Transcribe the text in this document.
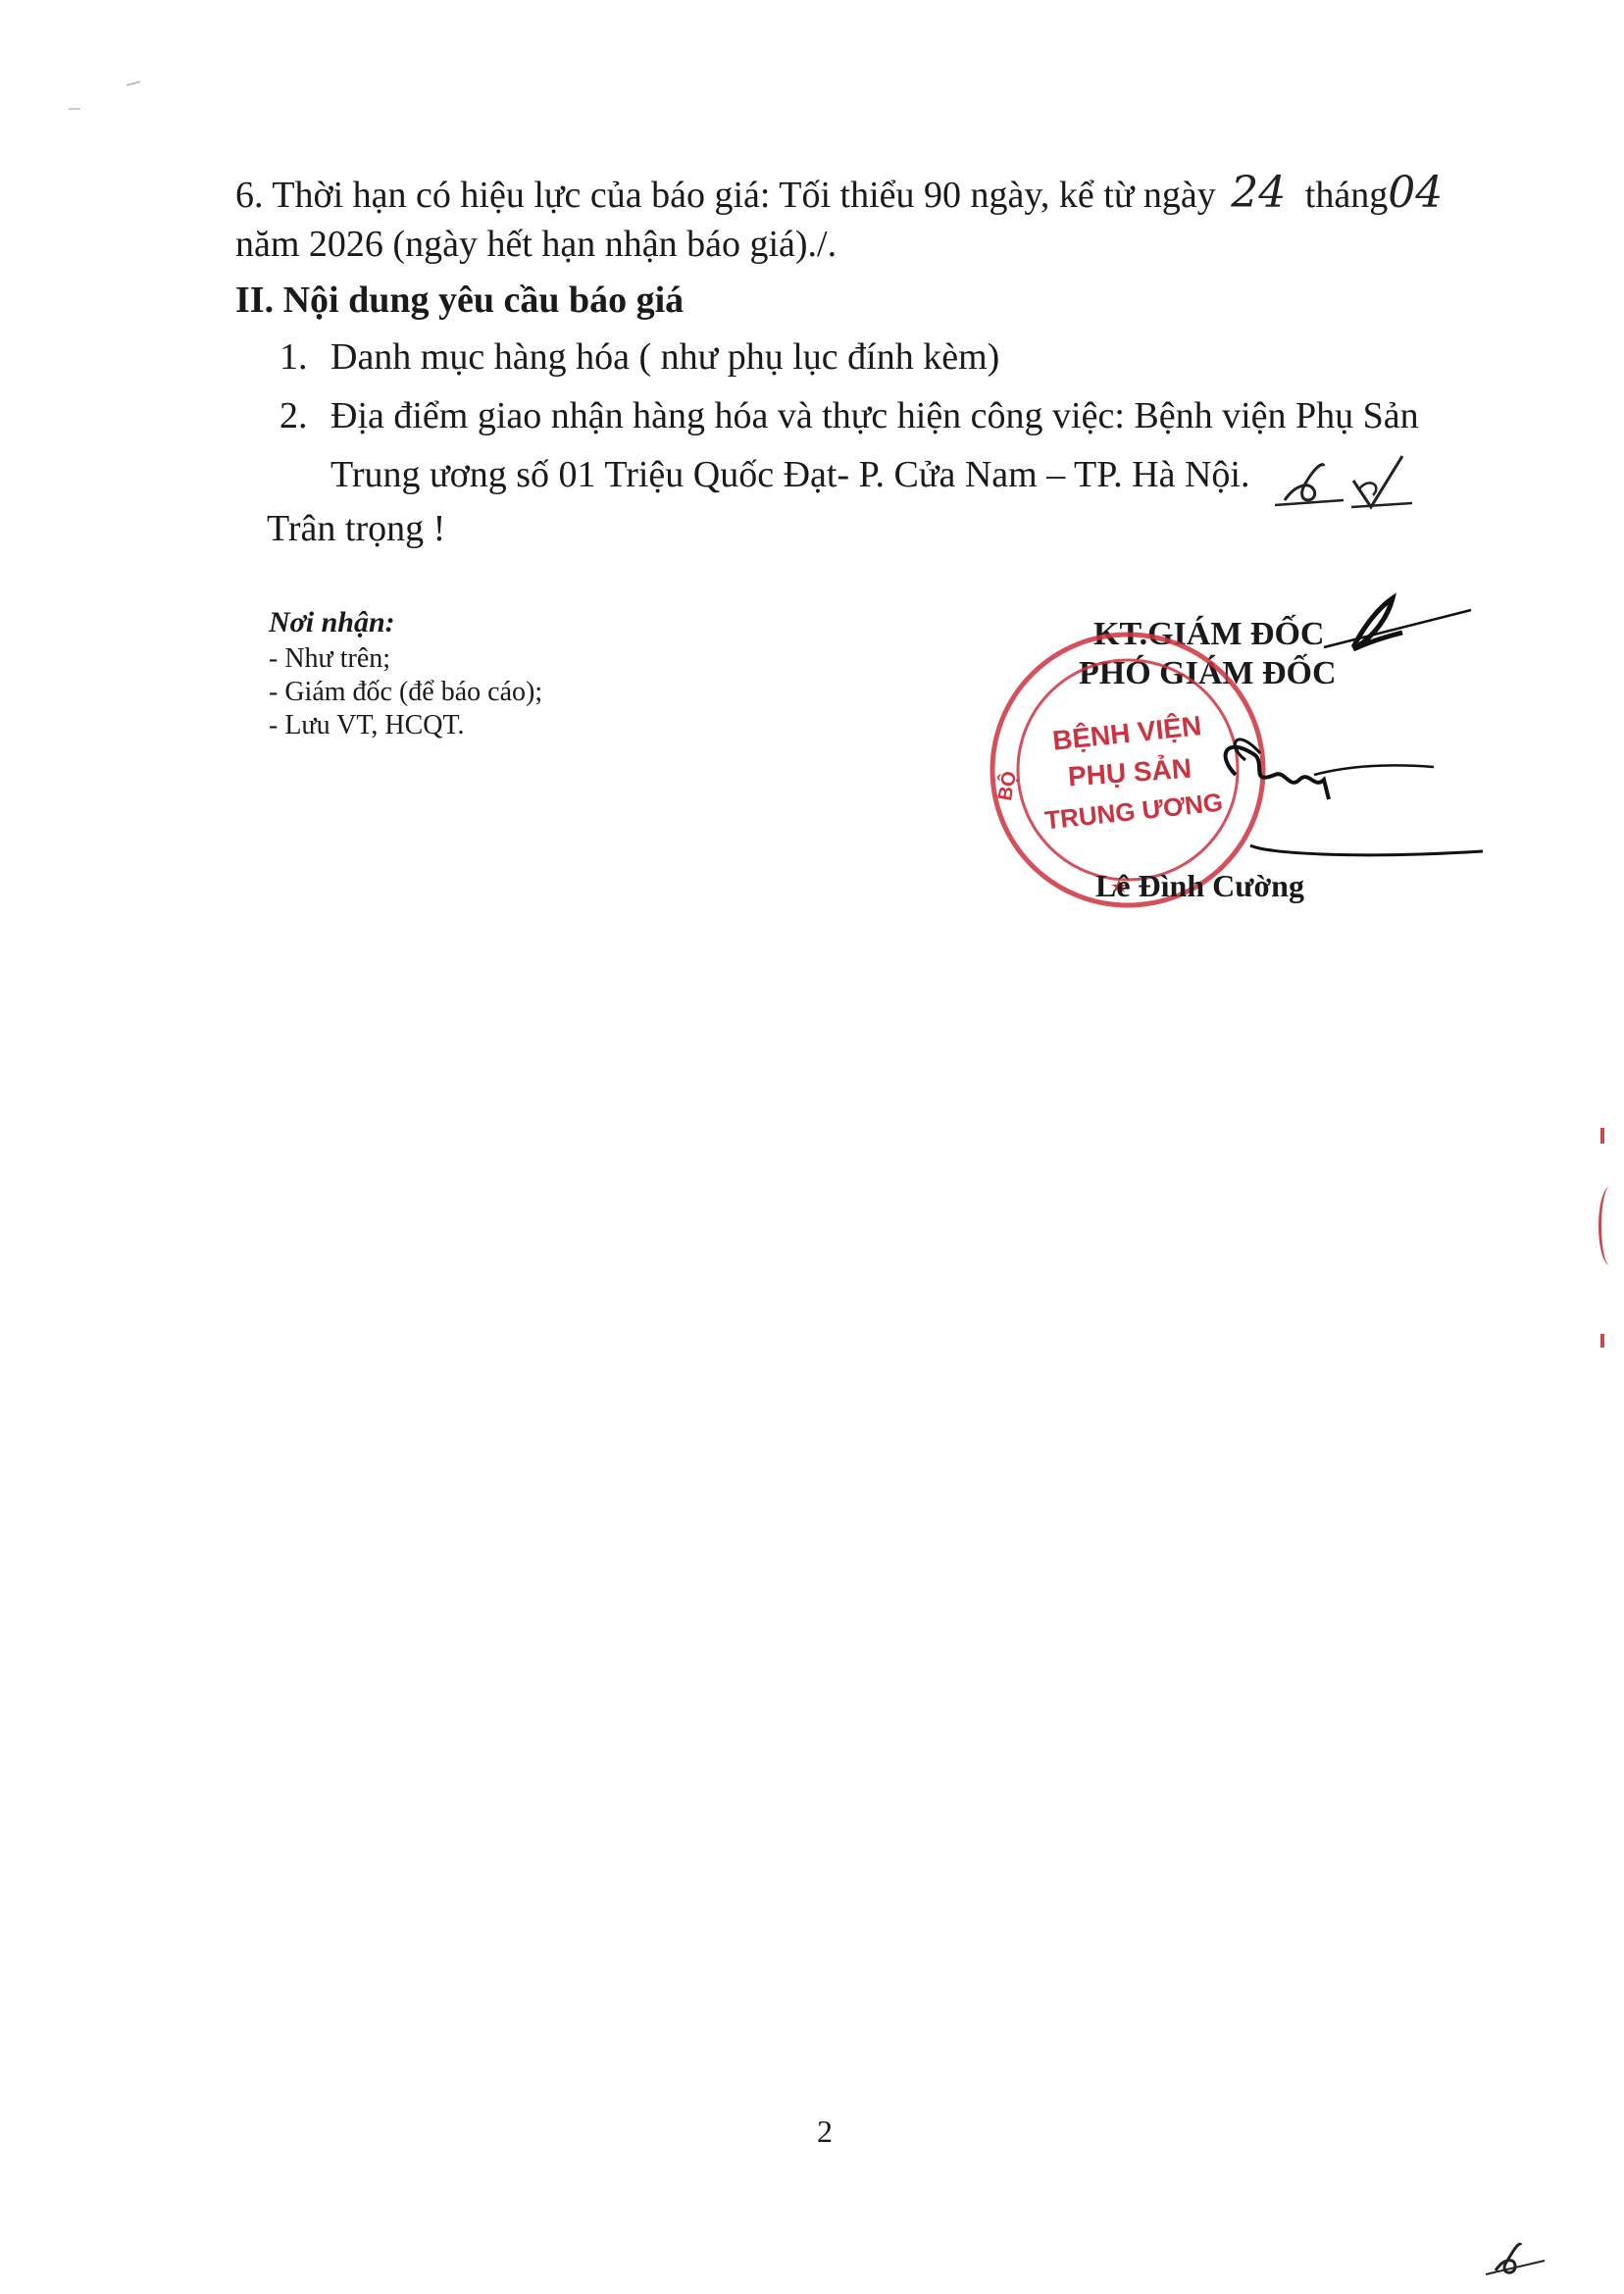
6. Thời hạn có hiệu lực của báo giá: Tối thiểu 90 ngày, kể từ ngày 24 tháng04
năm 2026 (ngày hết hạn nhận báo giá)./.
II. Nội dung yêu cầu báo giá
1. Danh mục hàng hóa ( như phụ lục đính kèm)
2. Địa điểm giao nhận hàng hóa và thực hiện công việc: Bệnh viện Phụ Sản
Trung ương số 01 Triệu Quốc Đạt- P. Cửa Nam – TP. Hà Nội.
Trân trọng !
Nơi nhận:
- Như trên;
- Giám đốc (để báo cáo);
- Lưu VT, HCQT.
KT.GIÁM ĐỐC
PHÓ GIÁM ĐỐC
BỆNH VIỆN
PHỤ SẢN
TRUNG ƯƠNG
BỘ
Lê Đình Cường
2
